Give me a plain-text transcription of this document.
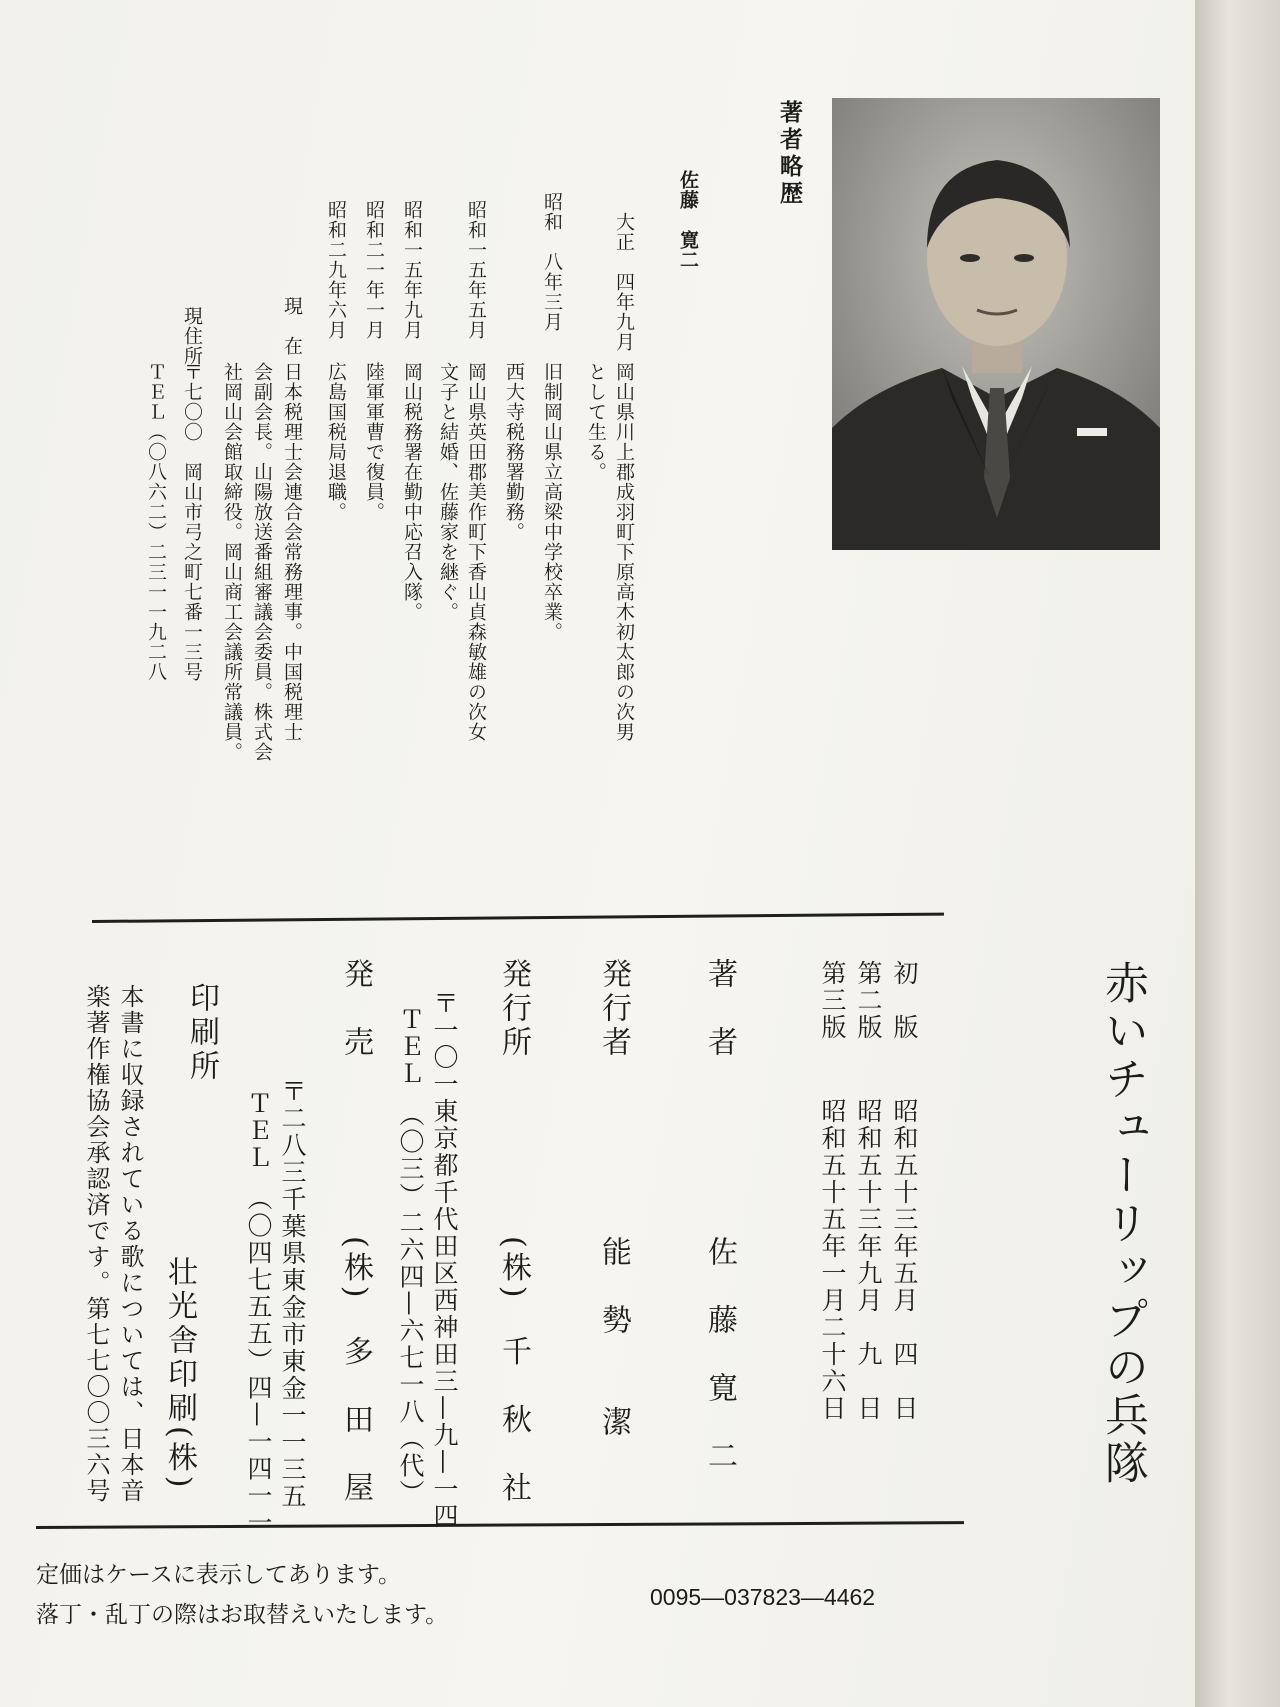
著者略歴
佐藤　寛二
大正　四年九月
岡山県川上郡成羽町下原高木初太郎の次男
として生る。
昭和　八年三月
旧制岡山県立高梁中学校卒業。
西大寺税務署勤務。
昭和一五年五月
岡山県英田郡美作町下香山貞森敏雄の次女
文子と結婚、佐藤家を継ぐ。
昭和一五年九月
岡山税務署在勤中応召入隊。
昭和二一年一月
陸軍軍曹で復員。
昭和二九年六月
広島国税局退職。
現　在
日本税理士会連合会常務理事。中国税理士
会副会長。山陽放送番組審議会委員。株式会
社岡山会館取締役。岡山商工会議所常議員。
現住所
〒七〇〇　岡山市弓之町七番一三号
ＴＥＬ（〇八六二）二三一一九二八
赤いチューリップの兵隊
初　版
昭和五十三年五月　四　日
第二版
昭和五十三年九月　九　日
第三版
昭和五十五年一月二十六日
著　者
佐　藤　寛　二
発行者
能　勢　　潔
発行所
(株)　千　秋　社
〒一〇一東京都千代田区西神田三—九—一四
ＴＥＬ　（〇三）二六四—六七一八（代）
発　売
(株)　多　田　屋
〒二八三千葉県東金市東金一一三五
ＴＥＬ　（〇四七五五）四—一四一一
印刷所
壮光舎印刷(株)
本書に収録されている歌については、日本音
楽著作権協会承認済です。第七七〇〇三六号
定価はケースに表示してあります。
落丁・乱丁の際はお取替えいたします。
0095—037823—4462
